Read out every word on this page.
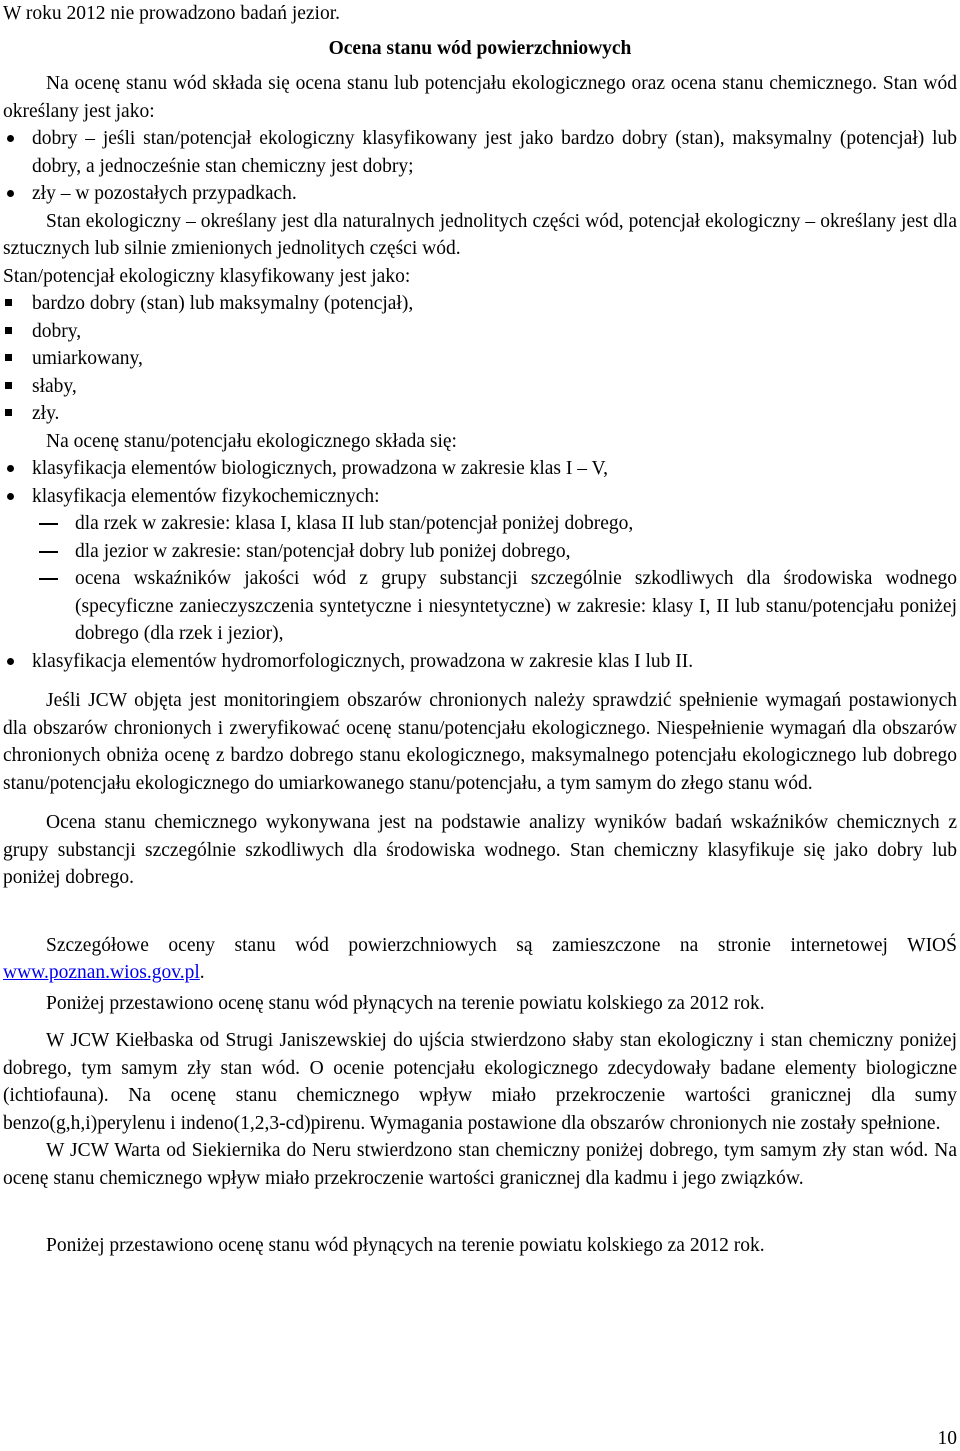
W roku 2012 nie prowadzono badań jezior.

Ocena stanu wód powierzchniowych

Na ocenę stanu wód składa się ocena stanu lub potencjału ekologicznego oraz ocena stanu chemicznego. Stan wód określany jest jako:

dobry – jeśli stan/potencjał ekologiczny klasyfikowany jest jako bardzo dobry (stan), maksymalny (potencjał) lub dobry, a jednocześnie stan chemiczny jest dobry;
zły – w pozostałych przypadkach.

Stan ekologiczny – określany jest dla naturalnych jednolitych części wód, potencjał ekologiczny – określany jest dla sztucznych lub silnie zmienionych jednolitych części wód.

Stan/potencjał ekologiczny klasyfikowany jest jako:

bardzo dobry (stan) lub maksymalny (potencjał),
dobry,
umiarkowany,
słaby,
zły.

Na ocenę stanu/potencjału ekologicznego składa się:

klasyfikacja elementów biologicznych, prowadzona w zakresie klas I – V,
klasyfikacja elementów fizykochemicznych:
dla rzek w zakresie: klasa I, klasa II lub stan/potencjał poniżej dobrego,
dla jezior w zakresie: stan/potencjał dobry lub poniżej dobrego,
ocena wskaźników jakości wód z grupy substancji szczególnie szkodliwych dla środowiska wodnego (specyficzne zanieczyszczenia syntetyczne i niesyntetyczne) w zakresie: klasy I, II lub stanu/potencjału poniżej dobrego (dla rzek i jezior),
klasyfikacja elementów hydromorfologicznych, prowadzona w zakresie klas I lub II.

Jeśli JCW objęta jest monitoringiem obszarów chronionych należy sprawdzić spełnienie wymagań postawionych dla obszarów chronionych i zweryfikować ocenę stanu/potencjału ekologicznego. Niespełnienie wymagań dla obszarów chronionych obniża ocenę z bardzo dobrego stanu ekologicznego, maksymalnego potencjału ekologicznego lub dobrego stanu/potencjału ekologicznego do umiarkowanego stanu/potencjału, a tym samym do złego stanu wód.

Ocena stanu chemicznego wykonywana jest na podstawie analizy wyników badań wskaźników chemicznych z grupy substancji szczególnie szkodliwych dla środowiska wodnego. Stan chemiczny klasyfikuje się jako dobry lub poniżej dobrego.

Szczegółowe oceny stanu wód powierzchniowych są zamieszczone na stronie internetowej WIOŚ www.poznan.wios.gov.pl.

Poniżej przestawiono ocenę stanu wód płynących na terenie powiatu kolskiego za 2012 rok.

W JCW Kiełbaska od Strugi Janiszewskiej do ujścia stwierdzono słaby stan ekologiczny i stan chemiczny poniżej dobrego, tym samym zły stan wód. O ocenie potencjału ekologicznego zdecydowały badane elementy biologiczne (ichtiofauna). Na ocenę stanu chemicznego wpływ miało przekroczenie wartości granicznej dla sumy benzo(g,h,i)perylenu i indeno(1,2,3-cd)pirenu. Wymagania postawione dla obszarów chronionych nie zostały spełnione.

W JCW Warta od Siekiernika do Neru stwierdzono stan chemiczny poniżej dobrego, tym samym zły stan wód. Na ocenę stanu chemicznego wpływ miało przekroczenie wartości granicznej dla kadmu i jego związków.

Poniżej przestawiono ocenę stanu wód płynących na terenie powiatu kolskiego za 2012 rok.

10
